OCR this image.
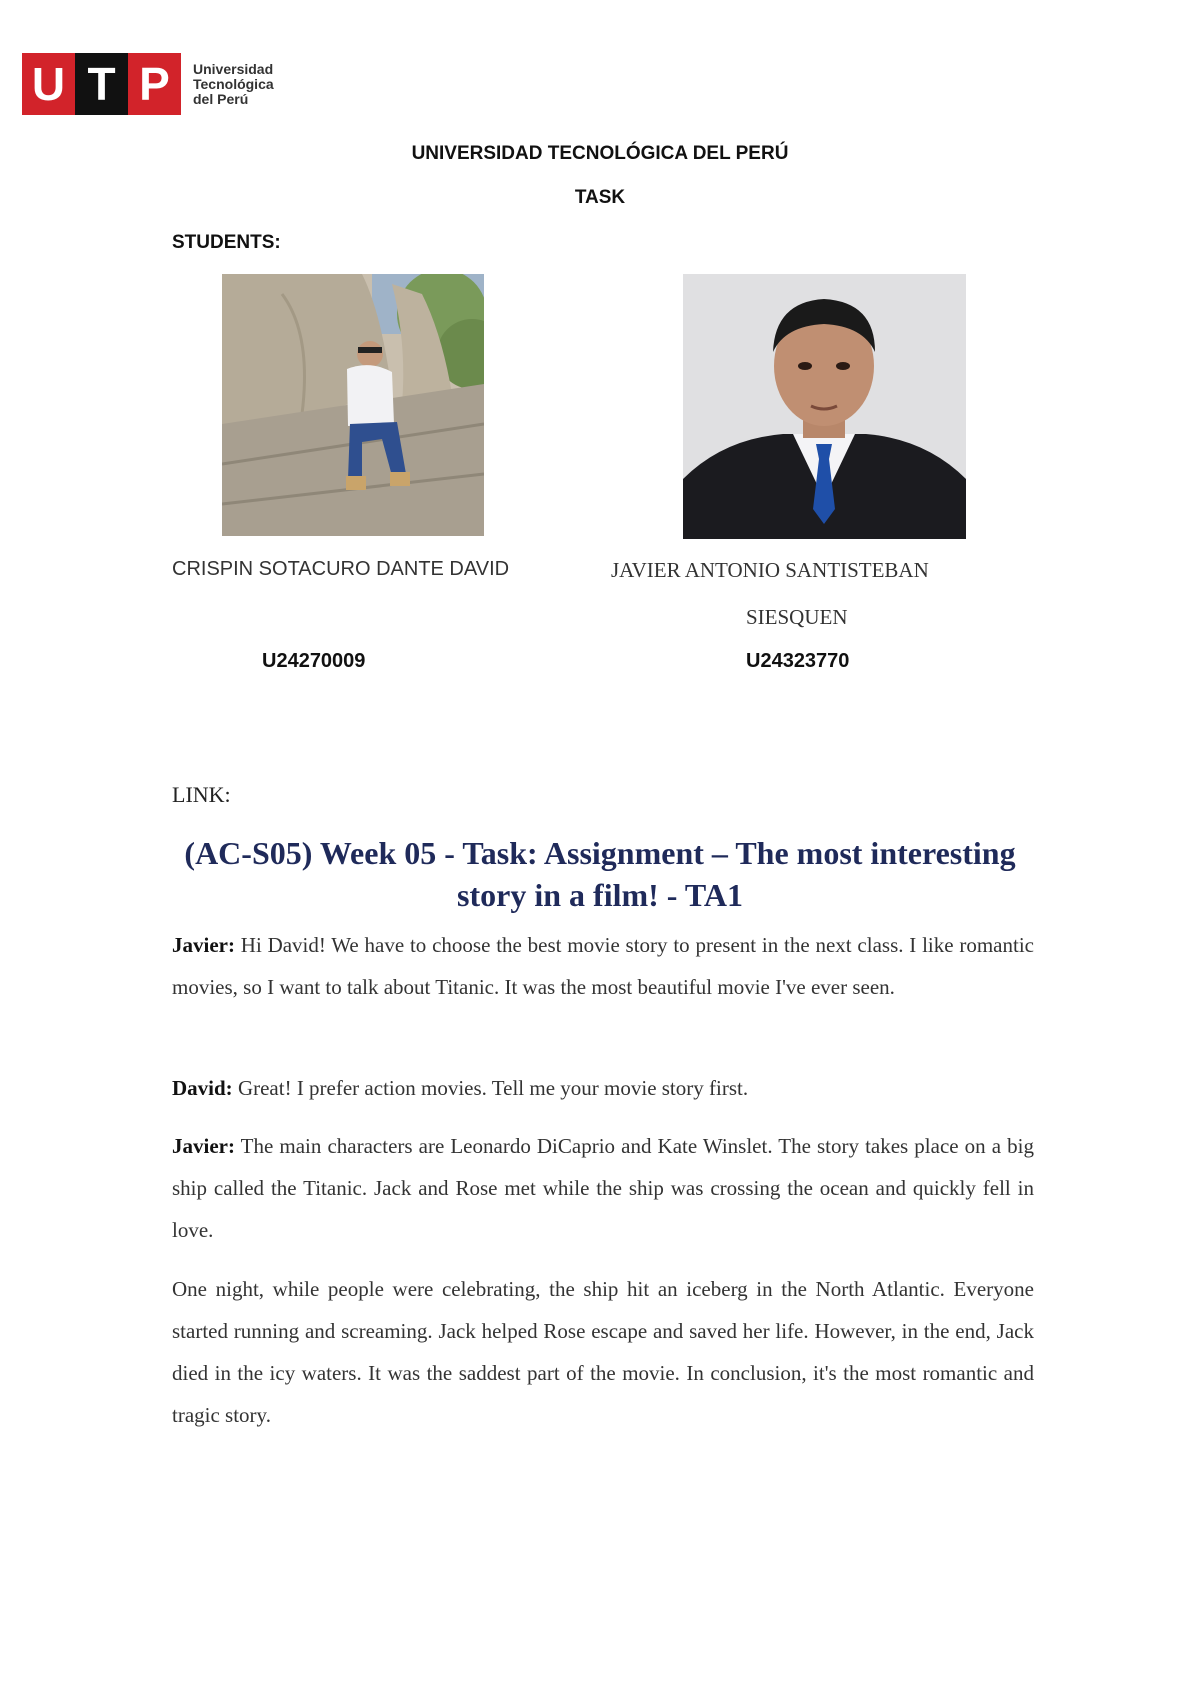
U T P	Universidad
Tecnológica
del Perú
UNIVERSIDAD TECNOLÓGICA DEL PERÚ
TASK
STUDENTS:
CRISPIN SOTACURO DANTE DAVID	JAVIER ANTONIO SANTISTEBAN
SIESQUEN
U24270009	U24323770
LINK:
(AC-S05) Week 05 - Task: Assignment – The most interesting story in a film! - TA1

Javier: Hi David! We have to choose the best movie story to present in the next class. I like romantic movies, so I want to talk about Titanic. It was the most beautiful movie I've ever seen.

David: Great! I prefer action movies. Tell me your movie story first.

Javier: The main characters are Leonardo DiCaprio and Kate Winslet. The story takes place on a big ship called the Titanic. Jack and Rose met while the ship was crossing the ocean and quickly fell in love.

One night, while people were celebrating, the ship hit an iceberg in the North Atlantic. Everyone started running and screaming. Jack helped Rose escape and saved her life. However, in the end, Jack died in the icy waters. It was the saddest part of the movie. In conclusion, it's the most romantic and tragic story.
